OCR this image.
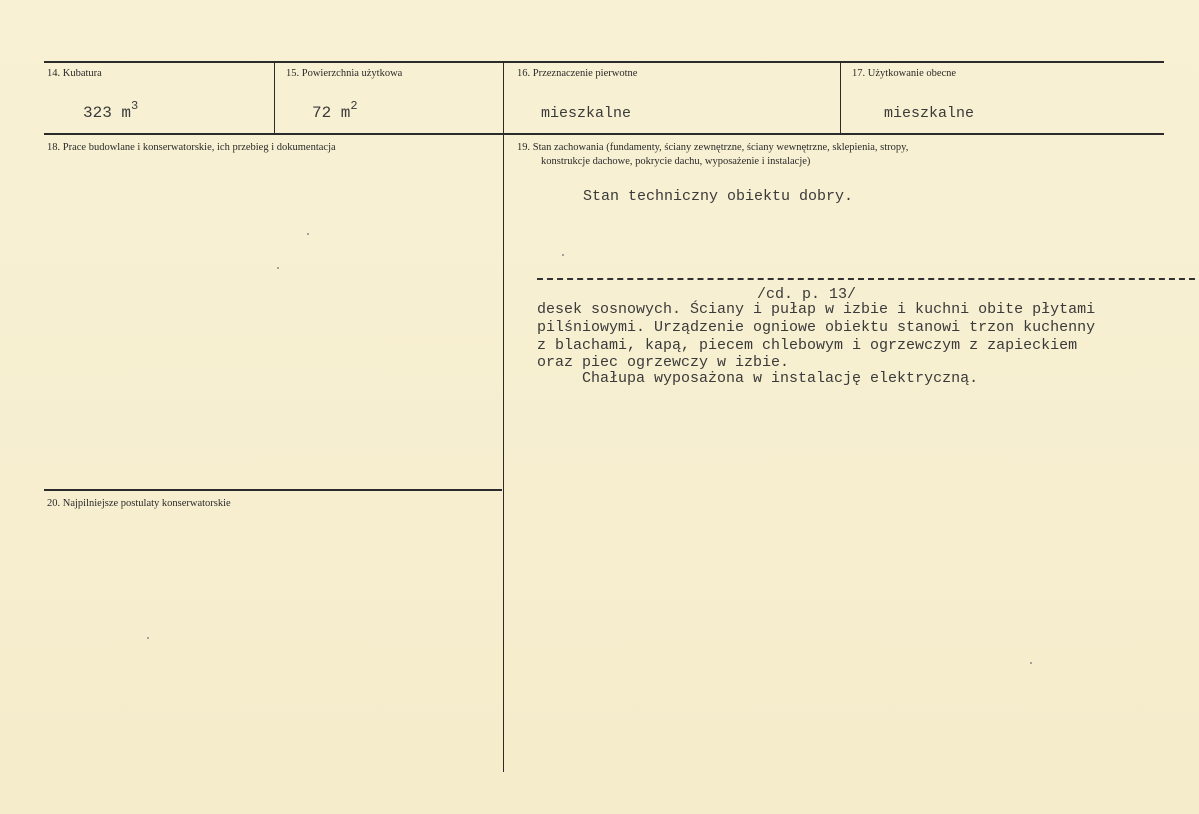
14. Kubatura
323 $m^3$
15. Powierzchnia użytkowa
72 $m^2$
16. Przeznaczenie pierwotne
mieszkalne
17. Użytkowanie obecne
mieszkalne
18. Prace budowlane i konserwatorskie, ich przebieg i dokumentacja	19. Stan zachowania (fundamenty, ściany zewnętrzne, ściany wewnętrzne, sklepienia, stropy,
konstrukcje dachowe, pokrycie dachu, wyposażenie i instalacje)
Stan techniczny obiektu dobry.
/cd. p. 13/
desek sosnowych. Ściany i pułap w izbie i kuchni obite płytami
pilśniowymi. Urządzenie ogniowe obiektu stanowi trzon kuchenny
z blachami, kapą, piecem chlebowym i ogrzewczym z zapieckiem
oraz piec ogrzewczy w izbie.
Chałupa wyposażona w instalację elektryczną.
20. Najpilniejsze postulaty konserwatorskie
